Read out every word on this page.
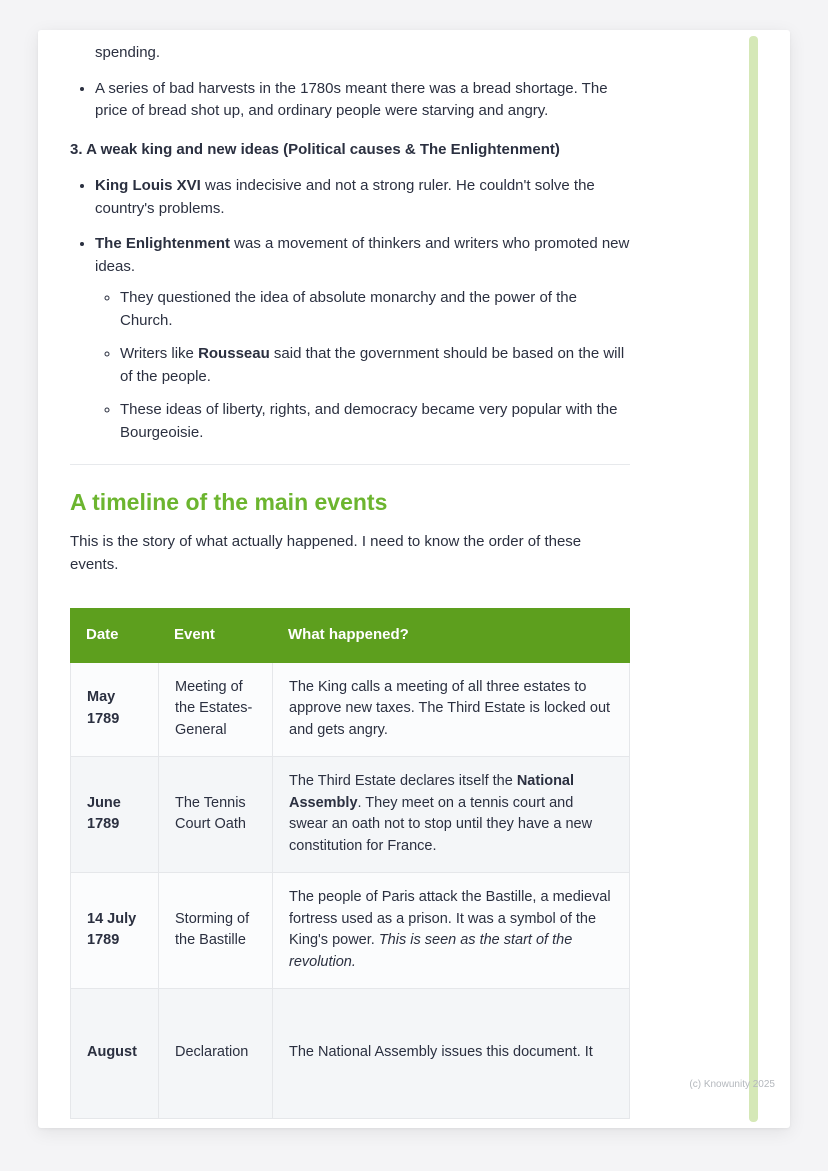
spending.
• A series of bad harvests in the 1780s meant there was a bread shortage. The price of bread shot up, and ordinary people were starving and angry.
3. A weak king and new ideas (Political causes & The Enlightenment)
• King Louis XVI was indecisive and not a strong ruler. He couldn't solve the country's problems.
• The Enlightenment was a movement of thinkers and writers who promoted new ideas.
◦ They questioned the idea of absolute monarchy and the power of the Church.
◦ Writers like Rousseau said that the government should be based on the will of the people.
◦ These ideas of liberty, rights, and democracy became very popular with the Bourgeoisie.
A timeline of the main events

This is the story of what actually happened. I need to know the order of these events.

Date	Event	What happened?
May 1789	Meeting of the Estates-General	The King calls a meeting of all three estates to approve new taxes. The Third Estate is locked out and gets angry.
June 1789	The Tennis Court Oath	The Third Estate declares itself the National Assembly. They meet on a tennis court and swear an oath not to stop until they have a new constitution for France.
14 July 1789	Storming of the Bastille	The people of Paris attack the Bastille, a medieval fortress used as a prison. It was a symbol of the King's power. This is seen as the start of the revolution.
August	Declaration	The National Assembly issues this document. It
(c) Knowunity 2025
